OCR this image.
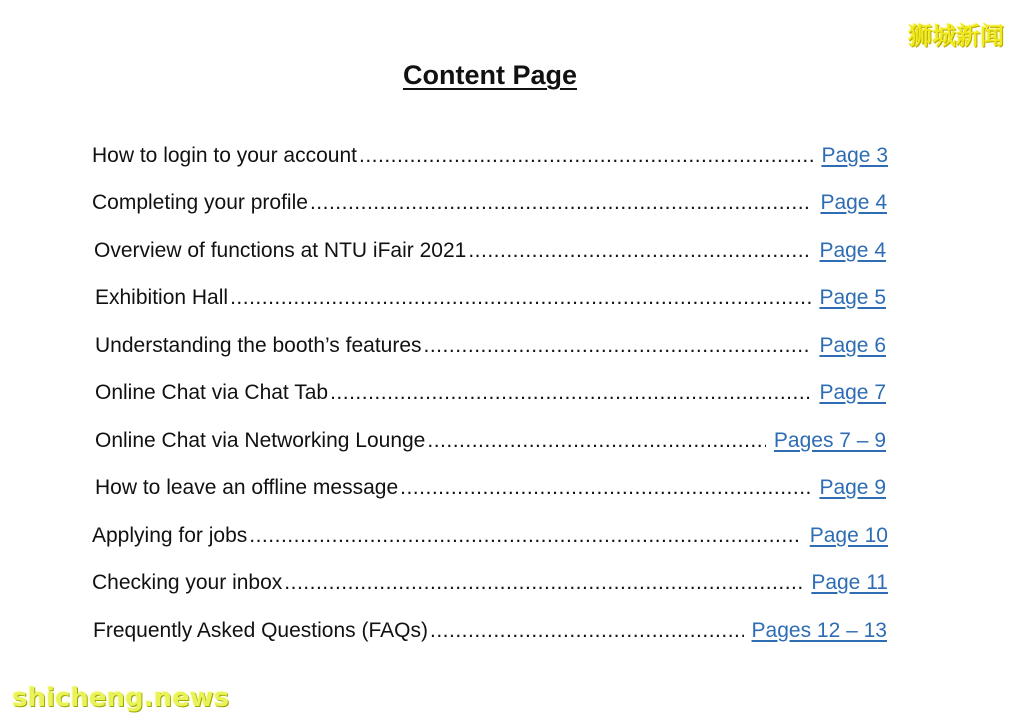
Content Page
How to login to your account .....	Page 3
Completing your profile .....	Page 4
Overview of functions at NTU iFair 2021 .....	Page 4
Exhibition Hall .....	Page 5
Understanding the booth’s features .....	Page 6
Online Chat via Chat Tab .....	Page 7
Online Chat via Networking Lounge .....	Pages 7 – 9
How to leave an offline message .....	Page 9
Applying for jobs .....	Page 10
Checking your inbox .....	Page 11
Frequently Asked Questions (FAQs) .....	Pages 12 – 13
狮城新闻
shicheng.news
